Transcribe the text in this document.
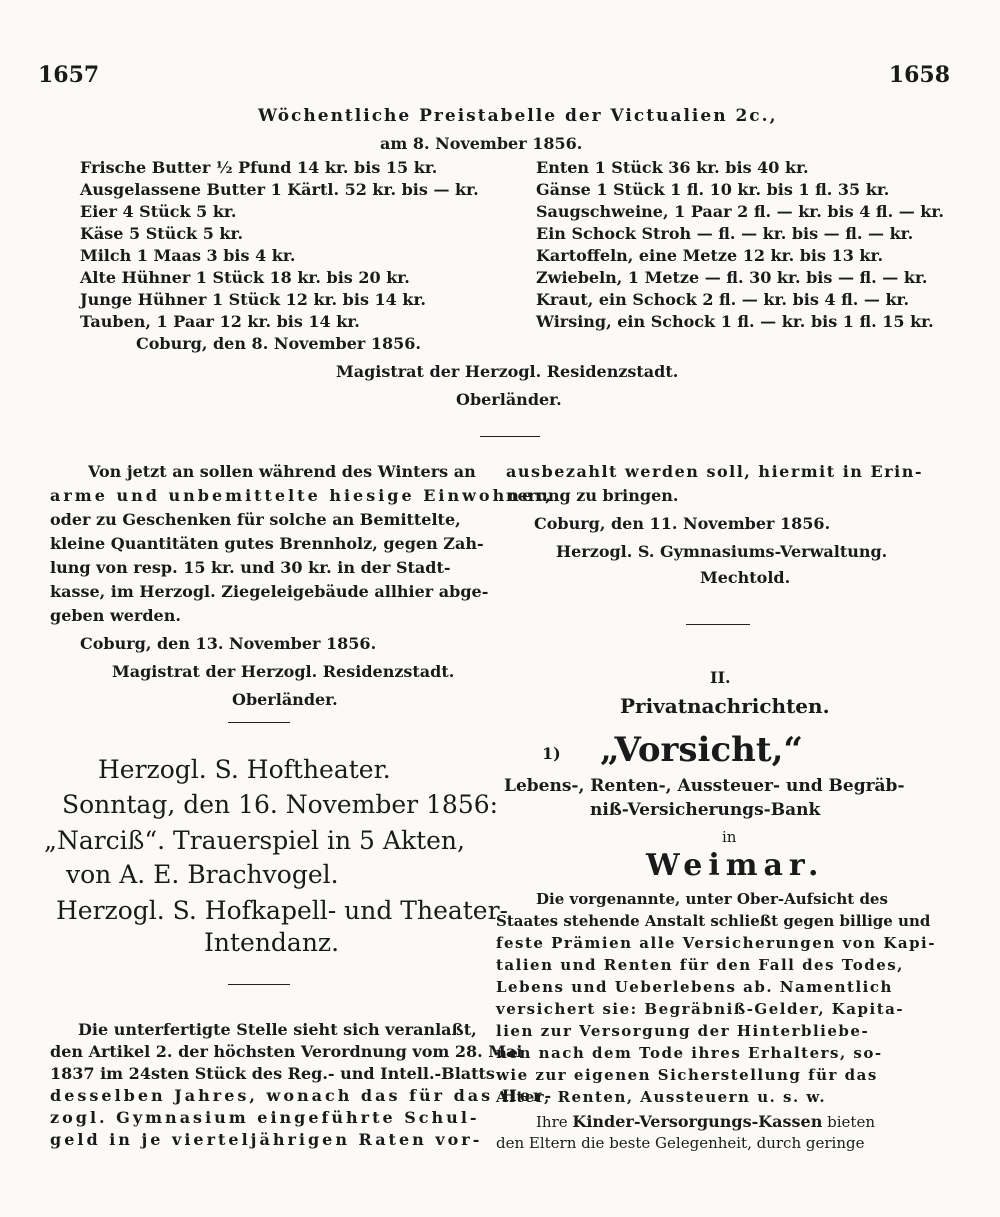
1657	1658
Wöchentliche Preistabelle der Victualien 2c.,
am 8. November 1856.
Frische Butter ½ Pfund 14 kr. bis 15 kr.
Ausgelassene Butter 1 Kärtl. 52 kr. bis — kr.
Eier 4 Stück 5 kr.
Käse 5 Stück 5 kr.
Milch 1 Maas 3 bis 4 kr.
Alte Hühner 1 Stück 18 kr. bis 20 kr.
Junge Hühner 1 Stück 12 kr. bis 14 kr.
Tauben, 1 Paar 12 kr. bis 14 kr.
Enten 1 Stück 36 kr. bis 40 kr.
Gänse 1 Stück 1 fl. 10 kr. bis 1 fl. 35 kr.
Saugschweine, 1 Paar 2 fl. — kr. bis 4 fl. — kr.
Ein Schock Stroh — fl. — kr. bis — fl. — kr.
Kartoffeln, eine Metze 12 kr. bis 13 kr.
Zwiebeln, 1 Metze — fl. 30 kr. bis — fl. — kr.
Kraut, ein Schock 2 fl. — kr. bis 4 fl. — kr.
Wirsing, ein Schock 1 fl. — kr. bis 1 fl. 15 kr.
Coburg, den 8. November 1856.
Magistrat der Herzogl. Residenzstadt.
Oberländer.
Von jetzt an sollen während des Winters an
arme und unbemittelte hiesige Einwohner,
oder zu Geschenken für solche an Bemittelte,
kleine Quantitäten gutes Brennholz, gegen Zah-
lung von resp. 15 kr. und 30 kr. in der Stadt-
kasse, im Herzogl. Ziegeleigebäude allhier abge-
geben werden.
Coburg, den 13. November 1856.
Magistrat der Herzogl. Residenzstadt.
Oberländer.
Herzogl. S. Hoftheater.
Sonntag, den 16. November 1856:
„Narciß“. Trauerspiel in 5 Akten,
von A. E. Brachvogel.
Herzogl. S. Hofkapell- und Theater-
Intendanz.
Die unterfertigte Stelle sieht sich veranlaßt,
den Artikel 2. der höchsten Verordnung vom 28. Mai
1837 im 24sten Stück des Reg.- und Intell.-Blatts
desselben Jahres, wonach das für das Her-
zogl. Gymnasium eingeführte Schul-
geld in je vierteljährigen Raten vor-
ausbezahlt werden soll, hiermit in Erin-
nerung zu bringen.
Coburg, den 11. November 1856.
Herzogl. S. Gymnasiums-Verwaltung.
Mechtold.
II.
Privatnachrichten.
1) „Vorsicht,“
Lebens-, Renten-, Aussteuer- und Begräb-
niß-Versicherungs-Bank
in
Weimar.
Die vorgenannte, unter Ober-Aufsicht des
Staates stehende Anstalt schließt gegen billige und
feste Prämien alle Versicherungen von Kapi-
talien und Renten für den Fall des Todes,
Lebens und Ueberlebens ab. Namentlich
versichert sie: Begräbniß-Gelder, Kapita-
lien zur Versorgung der Hinterbliebe-
nen nach dem Tode ihres Erhalters, so-
wie zur eigenen Sicherstellung für das
Alter, Renten, Aussteuern u. s. w.
Ihre Kinder-Versorgungs-Kassen bieten
den Eltern die beste Gelegenheit, durch geringe
